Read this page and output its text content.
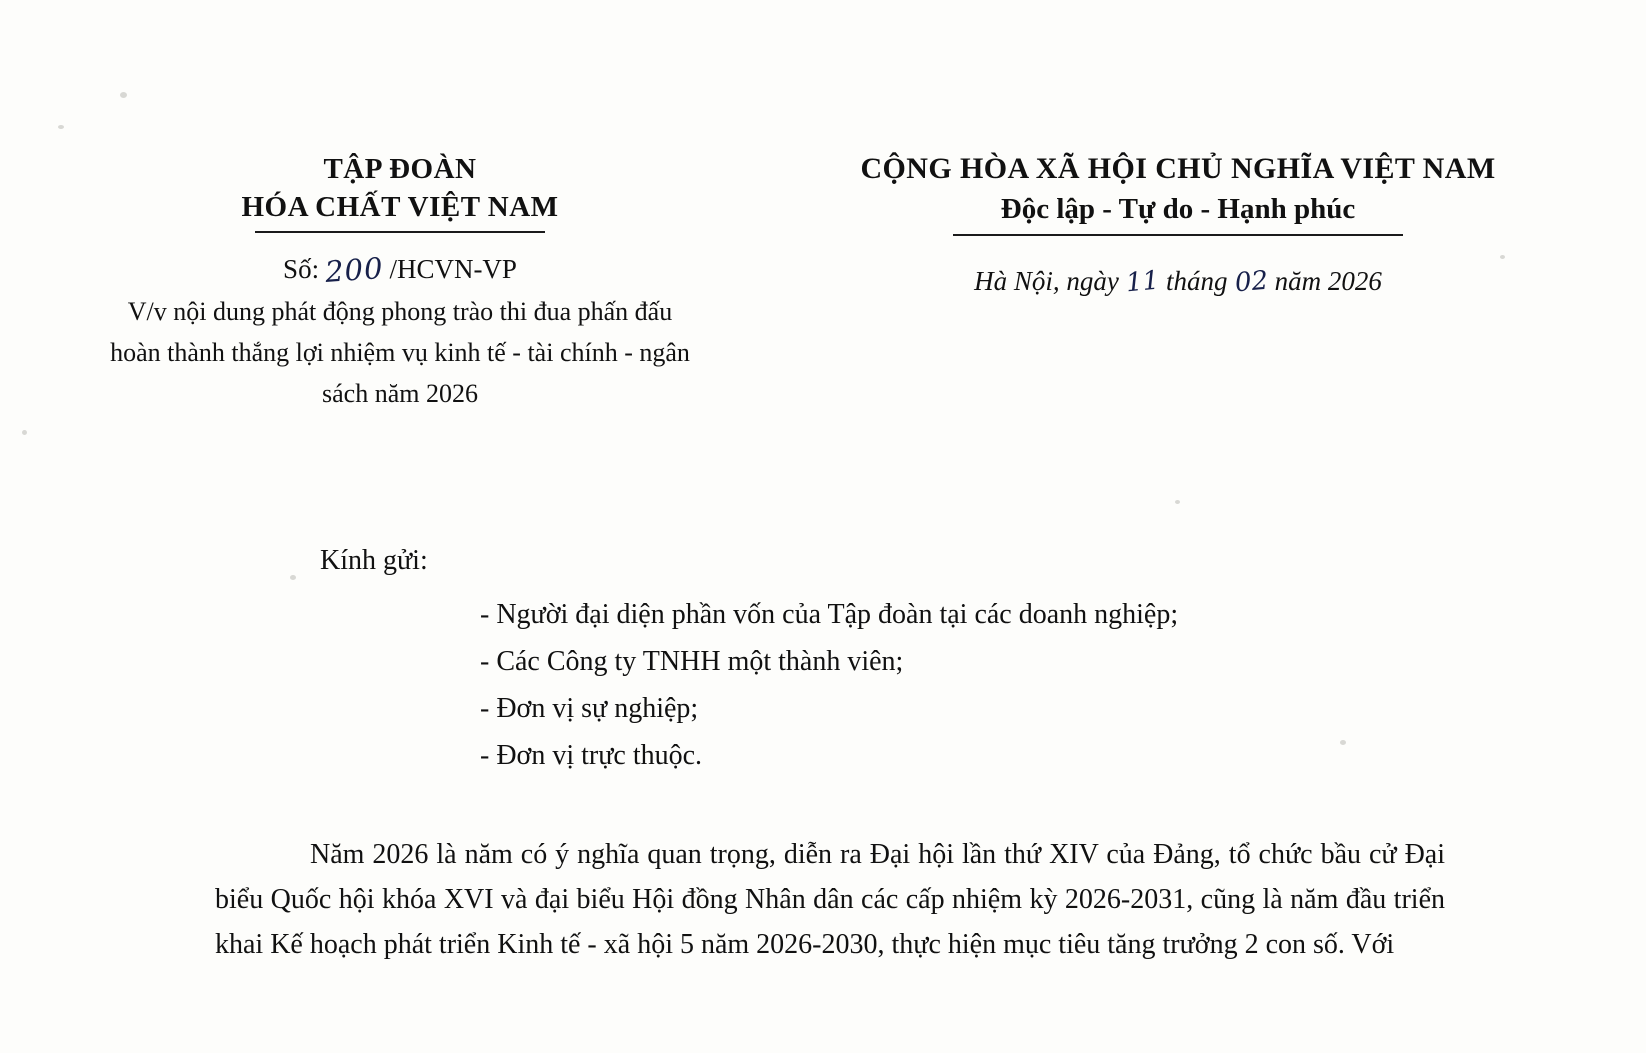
TẬP ĐOÀN
HÓA CHẤT VIỆT NAM
Số: 200 /HCVN-VP
V/v nội dung phát động phong trào thi đua phấn đấu hoàn thành thắng lợi nhiệm vụ kinh tế - tài chính - ngân sách năm 2026
CỘNG HÒA XÃ HỘI CHỦ NGHĨA VIỆT NAM
Độc lập - Tự do - Hạnh phúc
Hà Nội, ngày 11 tháng 02 năm 2026
Kính gửi:
- Người đại diện phần vốn của Tập đoàn tại các doanh nghiệp;
- Các Công ty TNHH một thành viên;
- Đơn vị sự nghiệp;
- Đơn vị trực thuộc.

Năm 2026 là năm có ý nghĩa quan trọng, diễn ra Đại hội lần thứ XIV của Đảng, tổ chức bầu cử Đại biểu Quốc hội khóa XVI và đại biểu Hội đồng Nhân dân các cấp nhiệm kỳ 2026-2031, cũng là năm đầu triển khai Kế hoạch phát triển Kinh tế - xã hội 5 năm 2026-2030, thực hiện mục tiêu tăng trưởng 2 con số. Với
